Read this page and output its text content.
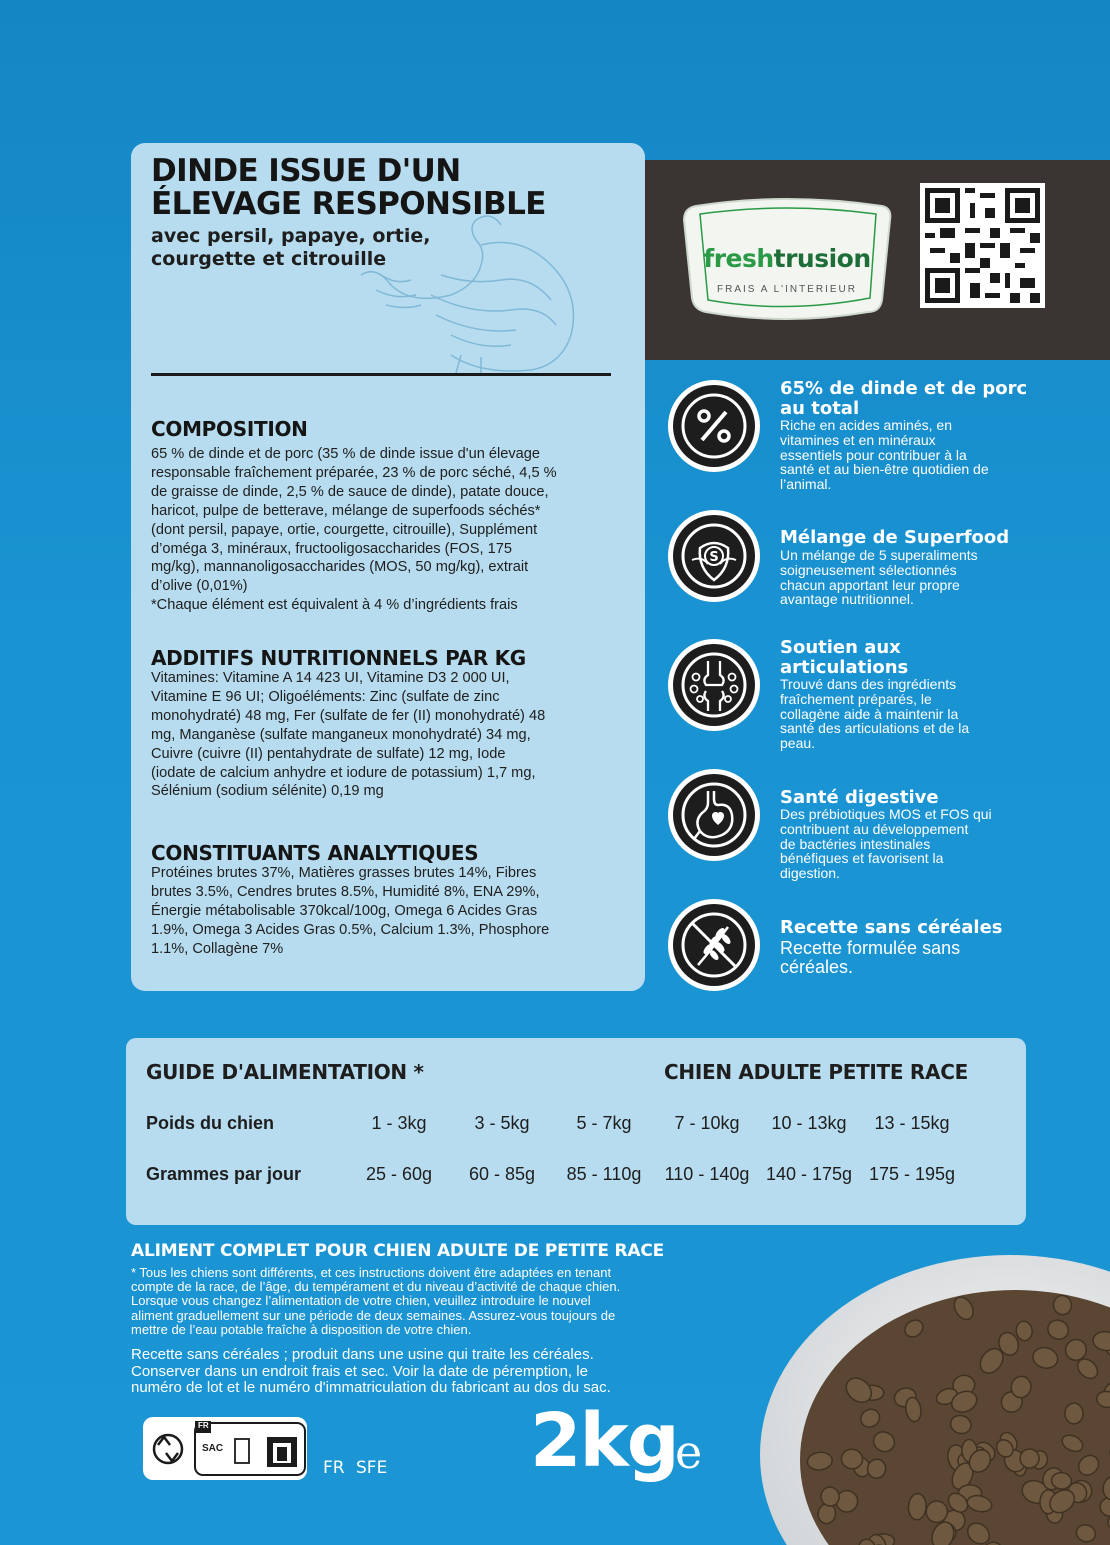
DINDE ISSUE D'UN
ÉLEVAGE RESPONSIBLE

avec persil, papaye, ortie,
courgette et citrouille

COMPOSITION

65 % de dinde et de porc (35 % de dinde issue d'un élevage
responsable fraîchement préparée, 23 % de porc séché, 4,5 %
de graisse de dinde, 2,5 % de sauce de dinde), patate douce,
haricot, pulpe de betterave, mélange de superfoods séchés*
(dont persil, papaye, ortie, courgette, citrouille), Supplément
d’oméga 3, minéraux, fructooligosaccharides (FOS, 175
mg/kg), mannanoligosaccharides (MOS, 50 mg/kg), extrait
d’olive (0,01%)
*Chaque élément est équivalent à 4 % d’ingrédients frais

ADDITIFS NUTRITIONNELS PAR KG

Vitamines: Vitamine A 14 423 UI, Vitamine D3 2 000 UI,
Vitamine E 96 UI; Oligoéléments: Zinc (sulfate de zinc
monohydraté) 48 mg, Fer (sulfate de fer (II) monohydraté) 48
mg, Manganèse (sulfate manganeux monohydraté) 34 mg,
Cuivre (cuivre (II) pentahydrate de sulfate) 12 mg, Iode
(iodate de calcium anhydre et iodure de potassium) 1,7 mg,
Sélénium (sodium sélénite) 0,19 mg

CONSTITUANTS ANALYTIQUES

Protéines brutes 37%, Matières grasses brutes 14%, Fibres
brutes 3.5%, Cendres brutes 8.5%, Humidité 8%, ENA 29%,
Énergie métabolisable 370kcal/100g, Omega 6 Acides Gras
1.9%, Omega 3 Acides Gras 0.5%, Calcium 1.3%, Phosphore
1.1%, Collagène 7%

freshtrusion
FRAIS A L'INTERIEUR

65% de dinde et de porc
au total

Riche en acides aminés, en
vitamines et en minéraux
essentiels pour contribuer à la
santé et au bien-être quotidien de
l’animal.

S

Mélange de Superfood

Un mélange de 5 superaliments
soigneusement sélectionnés
chacun apportant leur propre
avantage nutritionnel.

Soutien aux
articulations

Trouvé dans des ingrédients
fraîchement préparés, le
collagène aide à maintenir la
santé des articulations et de la
peau.

Santé digestive

Des prébiotiques MOS et FOS qui
contribuent au développement
de bactéries intestinales
bénéfiques et favorisent la
digestion.

Recette sans céréales

Recette formulée sans
céréales.

GUIDE D'ALIMENTATION *	CHIEN ADULTE PETITE RACE
Poids du chien	1 - 3kg	3 - 5kg	5 - 7kg	7 - 10kg	10 - 13kg	13 - 15kg
Grammes par jour	25 - 60g	60 - 85g	85 - 110g	110 - 140g 140 - 175g 175 - 195g
ALIMENT COMPLET POUR CHIEN ADULTE DE PETITE RACE

* Tous les chiens sont différents, et ces instructions doivent être adaptées en tenant
compte de la race, de l’âge, du tempérament et du niveau d’activité de chaque chien.
Lorsque vous changez l’alimentation de votre chien, veuillez introduire le nouvel
aliment graduellement sur une période de deux semaines. Assurez-vous toujours de
mettre de l’eau potable fraîche à disposition de votre chien.

Recette sans céréales ; produit dans une usine qui traite les céréales.
Conserver dans un endroit frais et sec. Voir la date de péremption, le
numéro de lot et le numéro d'immatriculation du fabricant au dos du sac.

FR
SAC

FR SFE 2kg

e
